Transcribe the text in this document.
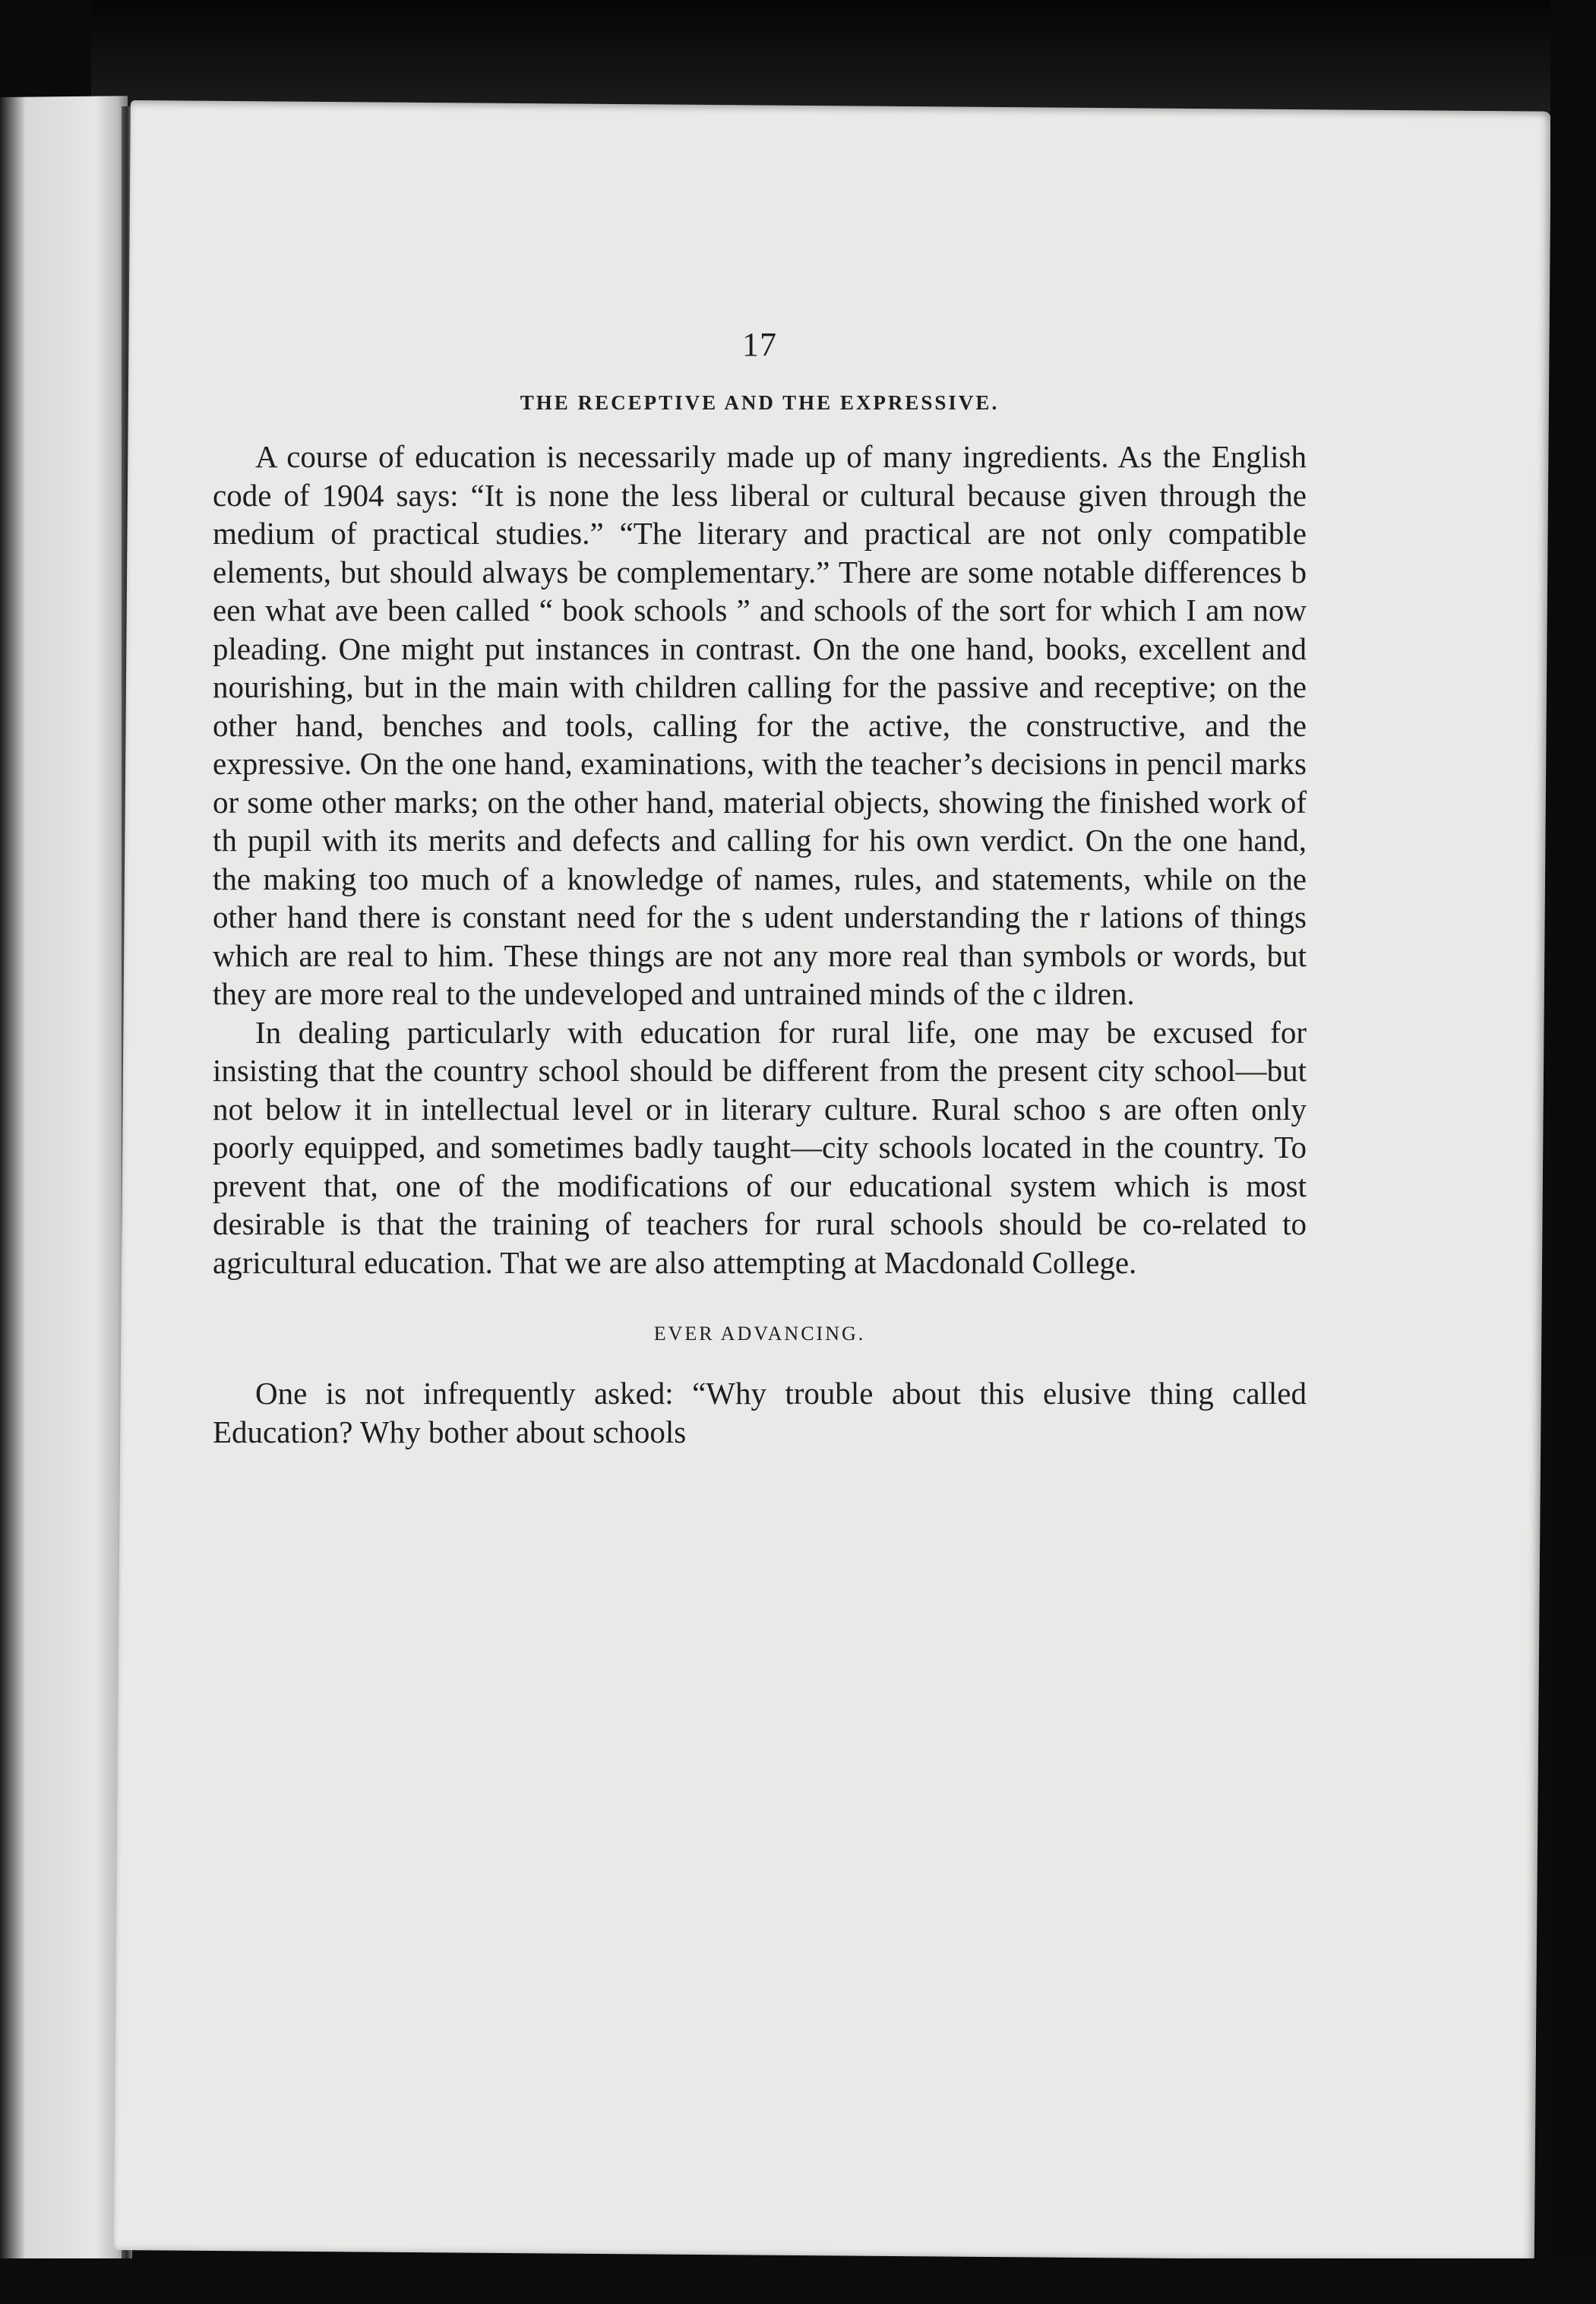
17
THE RECEPTIVE AND THE EXPRESSIVE.

A course of education is necessarily made up of many ingredients. As the English code of 1904 says: “It is none the less liberal or cultural because given through the medium of practical studies.” “The literary and practical are not only compatible elements, but should always be complementary.” There are some notable differences b een what ave been called “ book schools ” and schools of the sort for which I am now pleading. One might put instances in contrast. On the one hand, books, excellent and nourishing, but in the main with children calling for the passive and receptive; on the other hand, benches and tools, calling for the active, the constructive, and the expressive. On the one hand, examinations, with the teacher’s decisions in pencil marks or some other marks; on the other hand, material objects, showing the finished work of th pupil with its merits and defects and calling for his own verdict. On the one hand, the making too much of a knowledge of names, rules, and statements, while on the other hand there is constant need for the s udent understanding the r lations of things which are real to him. These things are not any more real than symbols or words, but they are more real to the undeveloped and untrained minds of the c ildren.

In dealing particularly with education for rural life, one may be excused for insisting that the country school should be different from the present city school—but not below it in intellectual level or in literary culture. Rural schoo s are often only poorly equipped, and sometimes badly taught—city schools located in the country. To prevent that, one of the modifications of our educational system which is most desirable is that the training of teachers for rural schools should be co-related to agricultural education. That we are also attempting at Macdonald College.

EVER ADVANCING.

One is not infrequently asked: “Why trouble about this elusive thing called Education? Why bother about schools
